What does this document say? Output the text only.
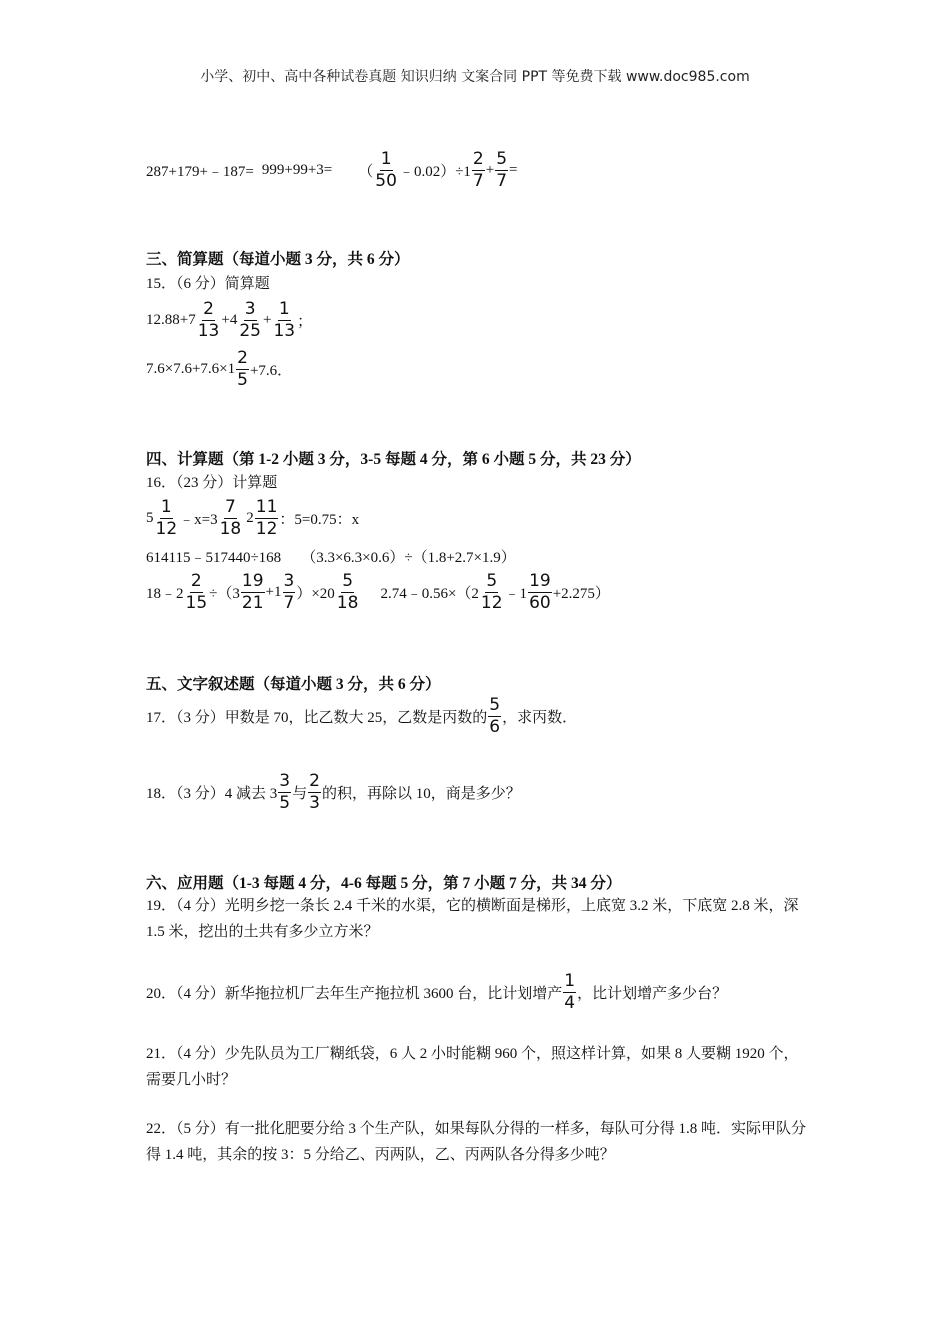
小学、初中、高中各种试卷真题 知识归纳 文案合同 PPT 等免费下载 www.doc985.com
287+179+﹣187= 999+99+3= （ $\frac{1}{50}$ ﹣0.02）÷1 $\frac{2}{7} + \frac{5}{7}$ =
三、简算题（每道小题 3 分，共 6 分）
15．（6 分）简算题
$12.88+7 \frac{2}{13} +4 \frac{3}{25} + \frac{1}{13}$ ；
$7.6\times 7.6+7.6\times 1 \frac{2}{5} +7.6$．
四、计算题（第 1-2 小题 3 分，3-5 每题 4 分，第 6 小题 5 分，共 23 分）
16．（23 分）计算题
$5 \frac{1}{12}$ ﹣x=3 $\frac{7}{18} 2 \frac{11}{12}$ ：5=0.75：x
614115﹣517440÷168 （3.3×6.3×0.6）÷（1.8+2.7×1.9）
18﹣2 $\frac{2}{15} \div(3 \frac{19}{21} +1 \frac{3}{7} )\times 20 \frac{5}{18}$ 2.74﹣0.56×（2 $\frac{5}{12}$ ﹣1 $\frac{19}{60} +2.275$）
五、文字叙述题（每道小题 3 分，共 6 分）
17．（3 分）甲数是 70，比乙数大 25，乙数是丙数的 $\frac{5}{6}$ ，求丙数．
18．（3 分）4 减去 $3 \frac{3}{5}$ 与 $\frac{2}{3}$ 的积，再除以 10，商是多少？
六、应用题（1-3 每题 4 分，4-6 每题 5 分，第 7 小题 7 分，共 34 分）
19．（4 分）光明乡挖一条长 2.4 千米的水渠，它的横断面是梯形，上底宽 3.2 米，下底宽 2.8 米，深 1.5 米，挖出的土共有多少立方米？
20．（4 分）新华拖拉机厂去年生产拖拉机 3600 台，比计划增产 $\frac{1}{4}$ ，比计划增产多少台？
21．（4 分）少先队员为工厂糊纸袋，6 人 2 小时能糊 960 个，照这样计算，如果 8 人要糊 1920 个，需要几小时？
22．（5 分）有一批化肥要分给 3 个生产队，如果每队分得的一样多，每队可分得 1.8 吨．实际甲队分得 1.4 吨，其余的按 3：5 分给乙、丙两队，乙、丙两队各分得多少吨？
